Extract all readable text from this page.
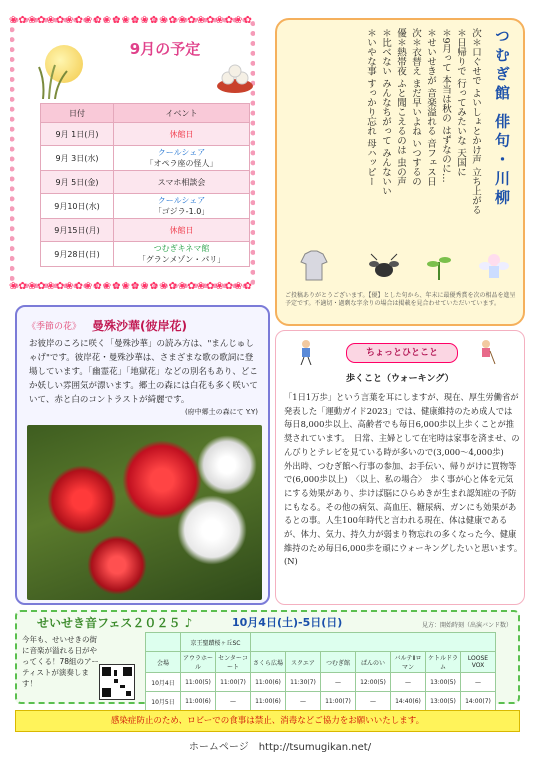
❀✿❀✿❀✿❀✿❀✿❀✿❀✿❀✿❀✿❀✿❀✿❀✿❀✿
❀✿❀✿❀✿❀✿❀✿❀✿❀✿❀✿❀✿❀✿❀✿❀✿❀✿
9月の予定
日付	イベント
9月 1日(月)	休館日
9月 3日(水)	クールシェア
「オペラ座の怪人」
9月 5日(金)	スマホ相談会
9月10日(水)	クールシェア
「ゴジラ-1.0」
9月15日(月)	休館日
9月28日(日)	つむぎキネマ館
「グランメゾン・パリ」
つむぎ館 俳句・川柳
次＊口ぐせで よいしょとかけ声 立ち上がる
＊日帰りで 行ってみたいな 天国に
＊9月って 本当は秋の はずなのに…
＊せいせきが 音楽溢れる 音フェス日
次＊衣替え まだ早いよね いつするの
優＊熱帯夜 ふと聞こえるのは 虫の声
＊比べない みんなちがって みんないい
＊いやな事 すっかり忘れ 母ハッピー
ご投稿ありがとうございます。【優】とした句から、年末に最優秀賞を次の相品を進呈予定です。不適切・過剰な字余りの場合は掲載を見合わせていただいています。
《季節の花》 曼殊沙華(彼岸花)
お彼岸のころに咲く「曼殊沙華」の読み方は、"まんじゅしゃげ"です。彼岸花・曼殊沙華は、さまざまな歌の歌詞に登場しています。「幽霊花」「地獄花」などの別名もあり、どこか妖しい雰囲気が漂います。郷土の森には白花も多く咲いていて、赤と白のコントラストが綺麗です。
(府中郷土の森にて Y.Y)
ちょっとひとこと
歩くこと（ウォーキング）
「1日1万歩」という言葉を耳にしますが、現在、厚生労働省が発表した「運動ガイド2023」では、健康維持のため成人では毎日8,000歩以上、高齢者でも毎日6,000歩以上歩くことが推奨されています。　日常、主婦として在宅時は家事を済ませ、のんびりとテレビを見ている時が多いので(3,000～4,000歩)　外出時、つむぎ館へ行事の参加、お手伝い、帰りがけに買物等で(6,000歩以上)　〈以上、私の場合〉　歩く事が心と体を元気にする効果があり、歩けば脳にひらめきが生まれ認知症の予防にもなる。その他の病気、高血圧、糖尿病、ガンにも効果があるとの事。人生100年時代と言われる現在、体は健康であるが、体力、気力、持久力が弱まり物忘れの多くなった今、健康維持のため毎日6,000歩を頑にウォーキングしたいと思います。　(N)
せいせき音フェス２０２５ ♪	10月4日(土)-5日(日)	見方：開始時刻（出演バンド数）
今年も、せいせきの街に音楽が溢れる日がやってくる！78組のアーティストが演奏します！
	京王聖蹟桜ヶ丘SC								
会場	アウラホール	センターコート	さくら広場	スクエア	つむぎ館	ぱんのい	バルテⅡロマン	ケトルドラム	LOOSE VOX
10月4日	11:00(5)	11:00(7)	11:00(6)	11:30(7)	—	12:00(5)	—	13:00(5)	—
10月5日	11:00(6)	—	11:00(6)	—	11:00(7)	—	14:40(6)	13:00(5)	14:00(7)
感染症防止のため、ロビーでの食事は禁止、消毒などご協力をお願いいたします。
ホームページ　http://tsumugikan.net/
